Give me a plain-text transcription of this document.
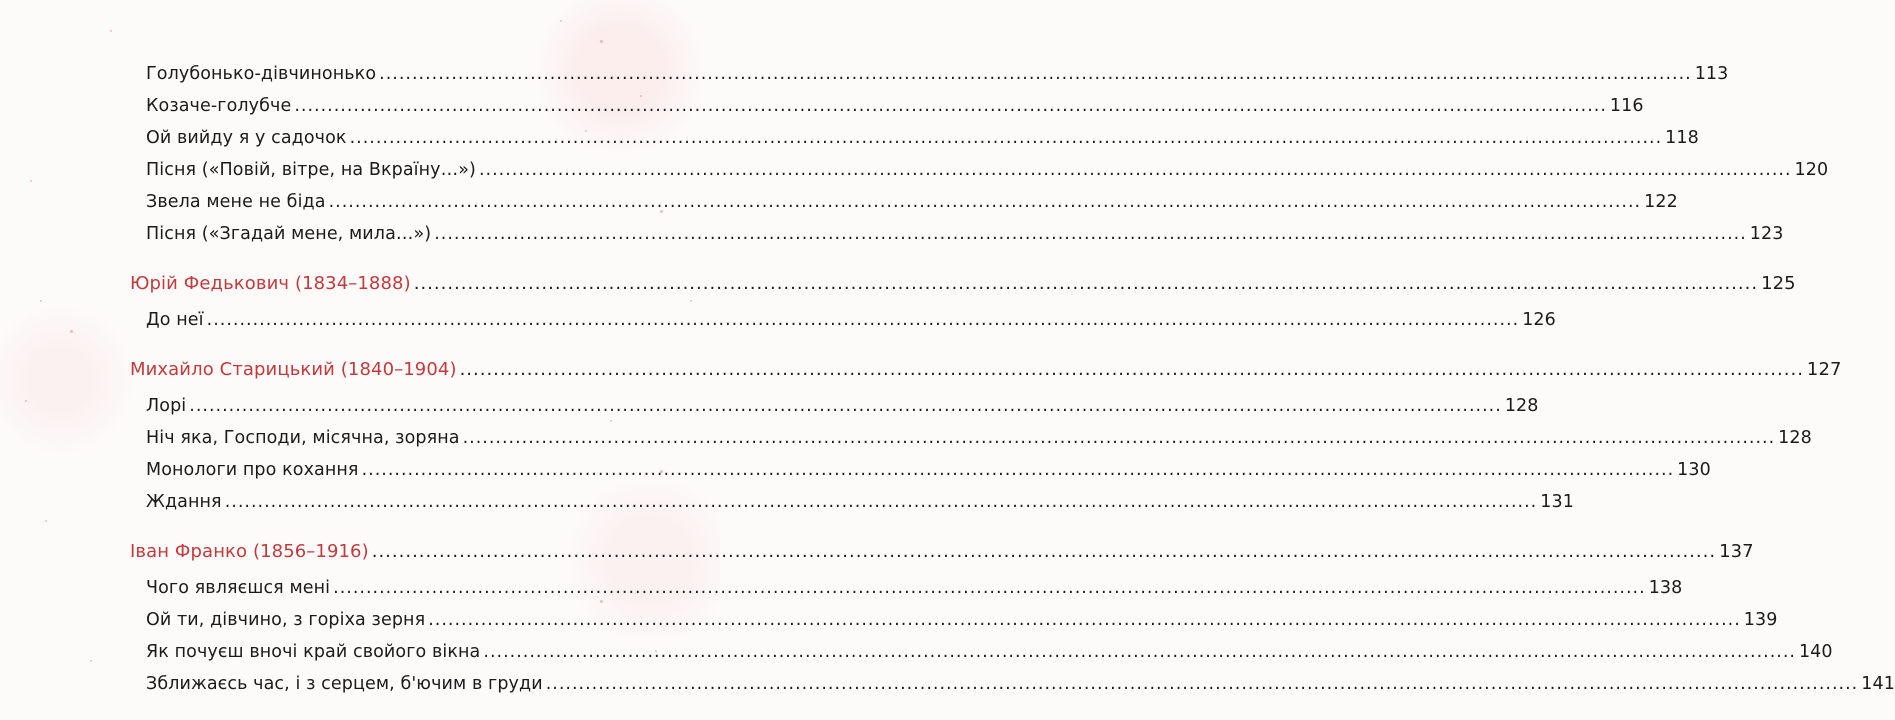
Голубонько-дівчинонько ........................................................................................................................................................................................................ 113
Козаче-голубче ........................................................................................................................................................................................................ 116
Ой вийду я у садочок ........................................................................................................................................................................................................ 118
Пісня («Повій, вітре, на Вкраїну…») ........................................................................................................................................................................................................ 120
Звела мене не біда ........................................................................................................................................................................................................ 122
Пісня («Згадай мене, мила…») ........................................................................................................................................................................................................ 123
Юрій Федькович (1834–1888) ........................................................................................................................................................................................................ 125
До неї ........................................................................................................................................................................................................ 126
Михайло Старицький (1840–1904) ........................................................................................................................................................................................................ 127
Лорі ........................................................................................................................................................................................................ 128
Ніч яка, Господи, місячна, зоряна ........................................................................................................................................................................................................ 128
Монологи про кохання ........................................................................................................................................................................................................ 130
Ждання ........................................................................................................................................................................................................ 131
Іван Франко (1856–1916) ........................................................................................................................................................................................................ 137
Чого являєшся мені ........................................................................................................................................................................................................ 138
Ой ти, дівчино, з горіха зерня ........................................................................................................................................................................................................ 139
Як почуєш вночі край свойого вікна ........................................................................................................................................................................................................ 140
Зближаєсь час, і з серцем, б'ючим в груди ........................................................................................................................................................................................................ 141
